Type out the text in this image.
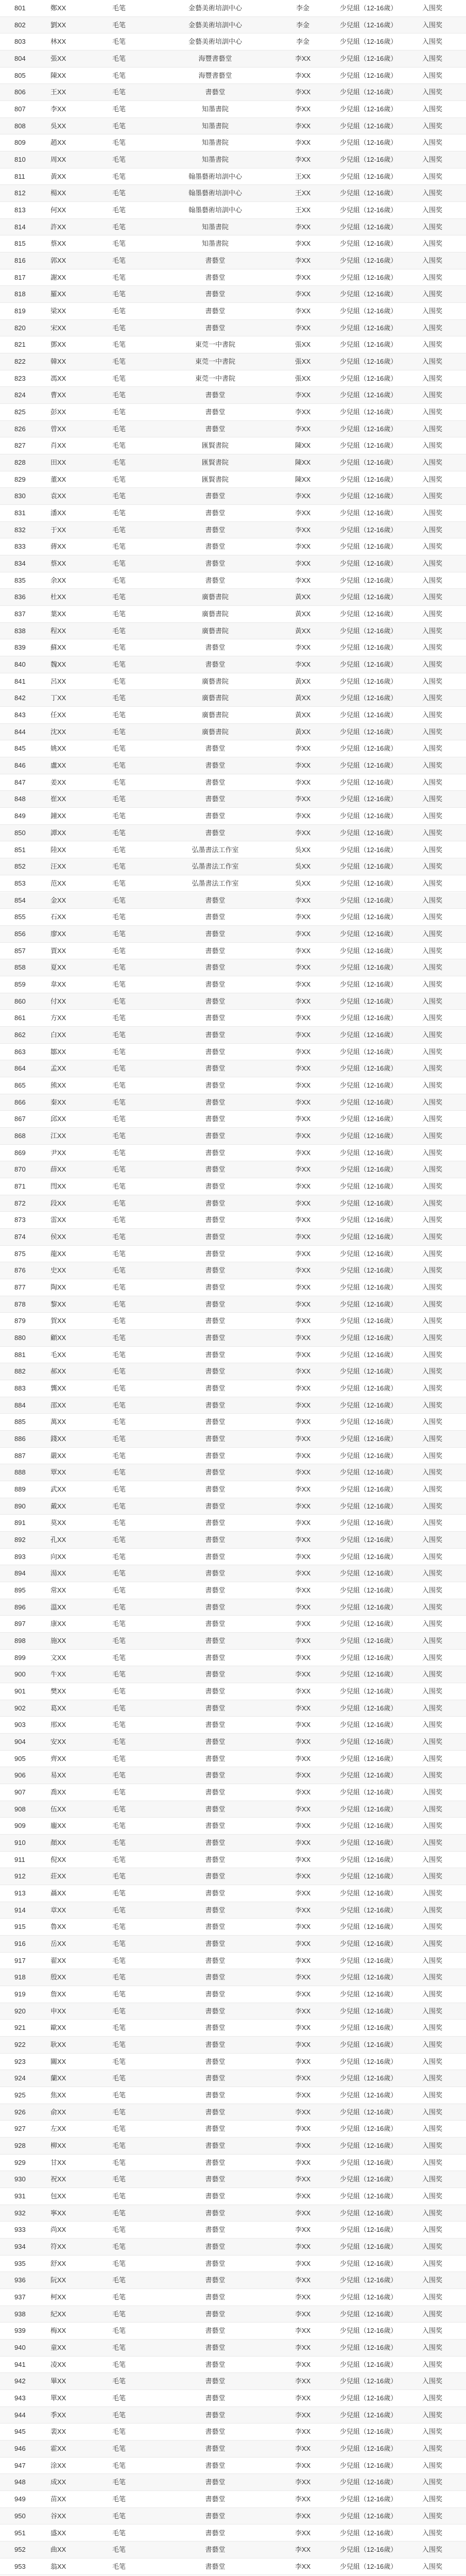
801	鄭XX	毛笔	金藝美術培訓中心	李金	少兒組（12-16歲）	入围奖
802	劉XX	毛笔	金藝美術培訓中心	李金	少兒組（12-16歲）	入围奖
803	林XX	毛笔	金藝美術培訓中心	李金	少兒組（12-16歲）	入围奖
804	張XX	毛笔	海豐書藝堂	李XX	少兒組（12-16歲）	入围奖
805	陳XX	毛笔	海豐書藝堂	李XX	少兒組（12-16歲）	入围奖
806	王XX	毛笔	書藝堂	李XX	少兒組（12-16歲）	入围奖
807	李XX	毛笔	知墨書院	李XX	少兒組（12-16歲）	入围奖
808	吳XX	毛笔	知墨書院	李XX	少兒組（12-16歲）	入围奖
809	趙XX	毛笔	知墨書院	李XX	少兒組（12-16歲）	入围奖
810	周XX	毛笔	知墨書院	李XX	少兒組（12-16歲）	入围奖
811	黃XX	毛笔	翰墨藝術培訓中心	王XX	少兒組（12-16歲）	入围奖
812	楊XX	毛笔	翰墨藝術培訓中心	王XX	少兒組（12-16歲）	入围奖
813	何XX	毛笔	翰墨藝術培訓中心	王XX	少兒組（12-16歲）	入围奖
814	許XX	毛笔	知墨書院	李XX	少兒組（12-16歲）	入围奖
815	蔡XX	毛笔	知墨書院	李XX	少兒組（12-16歲）	入围奖
816	郭XX	毛笔	書藝堂	李XX	少兒組（12-16歲）	入围奖
817	謝XX	毛笔	書藝堂	李XX	少兒組（12-16歲）	入围奖
818	羅XX	毛笔	書藝堂	李XX	少兒組（12-16歲）	入围奖
819	梁XX	毛笔	書藝堂	李XX	少兒組（12-16歲）	入围奖
820	宋XX	毛笔	書藝堂	李XX	少兒組（12-16歲）	入围奖
821	鄧XX	毛笔	東莞一中書院	張XX	少兒組（12-16歲）	入围奖
822	韓XX	毛笔	東莞一中書院	張XX	少兒組（12-16歲）	入围奖
823	馮XX	毛笔	東莞一中書院	張XX	少兒組（12-16歲）	入围奖
824	曹XX	毛笔	書藝堂	李XX	少兒組（12-16歲）	入围奖
825	彭XX	毛笔	書藝堂	李XX	少兒組（12-16歲）	入围奖
826	曾XX	毛笔	書藝堂	李XX	少兒組（12-16歲）	入围奖
827	肖XX	毛笔	匯賢書院	陳XX	少兒組（12-16歲）	入围奖
828	田XX	毛笔	匯賢書院	陳XX	少兒組（12-16歲）	入围奖
829	董XX	毛笔	匯賢書院	陳XX	少兒組（12-16歲）	入围奖
830	袁XX	毛笔	書藝堂	李XX	少兒組（12-16歲）	入围奖
831	潘XX	毛笔	書藝堂	李XX	少兒組（12-16歲）	入围奖
832	于XX	毛笔	書藝堂	李XX	少兒組（12-16歲）	入围奖
833	蔣XX	毛笔	書藝堂	李XX	少兒組（12-16歲）	入围奖
834	蔡XX	毛笔	書藝堂	李XX	少兒組（12-16歲）	入围奖
835	余XX	毛笔	書藝堂	李XX	少兒組（12-16歲）	入围奖
836	杜XX	毛笔	廣藝書院	黃XX	少兒組（12-16歲）	入围奖
837	葉XX	毛笔	廣藝書院	黃XX	少兒組（12-16歲）	入围奖
838	程XX	毛笔	廣藝書院	黃XX	少兒組（12-16歲）	入围奖
839	蘇XX	毛笔	書藝堂	李XX	少兒組（12-16歲）	入围奖
840	魏XX	毛笔	書藝堂	李XX	少兒組（12-16歲）	入围奖
841	呂XX	毛笔	廣藝書院	黃XX	少兒組（12-16歲）	入围奖
842	丁XX	毛笔	廣藝書院	黃XX	少兒組（12-16歲）	入围奖
843	任XX	毛笔	廣藝書院	黃XX	少兒組（12-16歲）	入围奖
844	沈XX	毛笔	廣藝書院	黃XX	少兒組（12-16歲）	入围奖
845	姚XX	毛笔	書藝堂	李XX	少兒組（12-16歲）	入围奖
846	盧XX	毛笔	書藝堂	李XX	少兒組（12-16歲）	入围奖
847	姜XX	毛笔	書藝堂	李XX	少兒組（12-16歲）	入围奖
848	崔XX	毛笔	書藝堂	李XX	少兒組（12-16歲）	入围奖
849	鐘XX	毛笔	書藝堂	李XX	少兒組（12-16歲）	入围奖
850	譚XX	毛笔	書藝堂	李XX	少兒組（12-16歲）	入围奖
851	陸XX	毛笔	弘墨書法工作室	吳XX	少兒組（12-16歲）	入围奖
852	汪XX	毛笔	弘墨書法工作室	吳XX	少兒組（12-16歲）	入围奖
853	范XX	毛笔	弘墨書法工作室	吳XX	少兒組（12-16歲）	入围奖
854	金XX	毛笔	書藝堂	李XX	少兒組（12-16歲）	入围奖
855	石XX	毛笔	書藝堂	李XX	少兒組（12-16歲）	入围奖
856	廖XX	毛笔	書藝堂	李XX	少兒組（12-16歲）	入围奖
857	賈XX	毛笔	書藝堂	李XX	少兒組（12-16歲）	入围奖
858	夏XX	毛笔	書藝堂	李XX	少兒組（12-16歲）	入围奖
859	韋XX	毛笔	書藝堂	李XX	少兒組（12-16歲）	入围奖
860	付XX	毛笔	書藝堂	李XX	少兒組（12-16歲）	入围奖
861	方XX	毛笔	書藝堂	李XX	少兒組（12-16歲）	入围奖
862	白XX	毛笔	書藝堂	李XX	少兒組（12-16歲）	入围奖
863	鄒XX	毛笔	書藝堂	李XX	少兒組（12-16歲）	入围奖
864	孟XX	毛笔	書藝堂	李XX	少兒組（12-16歲）	入围奖
865	熊XX	毛笔	書藝堂	李XX	少兒組（12-16歲）	入围奖
866	秦XX	毛笔	書藝堂	李XX	少兒組（12-16歲）	入围奖
867	邱XX	毛笔	書藝堂	李XX	少兒組（12-16歲）	入围奖
868	江XX	毛笔	書藝堂	李XX	少兒組（12-16歲）	入围奖
869	尹XX	毛笔	書藝堂	李XX	少兒組（12-16歲）	入围奖
870	薛XX	毛笔	書藝堂	李XX	少兒組（12-16歲）	入围奖
871	閆XX	毛笔	書藝堂	李XX	少兒組（12-16歲）	入围奖
872	段XX	毛笔	書藝堂	李XX	少兒組（12-16歲）	入围奖
873	雷XX	毛笔	書藝堂	李XX	少兒組（12-16歲）	入围奖
874	侯XX	毛笔	書藝堂	李XX	少兒組（12-16歲）	入围奖
875	龍XX	毛笔	書藝堂	李XX	少兒組（12-16歲）	入围奖
876	史XX	毛笔	書藝堂	李XX	少兒組（12-16歲）	入围奖
877	陶XX	毛笔	書藝堂	李XX	少兒組（12-16歲）	入围奖
878	黎XX	毛笔	書藝堂	李XX	少兒組（12-16歲）	入围奖
879	賀XX	毛笔	書藝堂	李XX	少兒組（12-16歲）	入围奖
880	顧XX	毛笔	書藝堂	李XX	少兒組（12-16歲）	入围奖
881	毛XX	毛笔	書藝堂	李XX	少兒組（12-16歲）	入围奖
882	郝XX	毛笔	書藝堂	李XX	少兒組（12-16歲）	入围奖
883	龔XX	毛笔	書藝堂	李XX	少兒組（12-16歲）	入围奖
884	邵XX	毛笔	書藝堂	李XX	少兒組（12-16歲）	入围奖
885	萬XX	毛笔	書藝堂	李XX	少兒組（12-16歲）	入围奖
886	錢XX	毛笔	書藝堂	李XX	少兒組（12-16歲）	入围奖
887	嚴XX	毛笔	書藝堂	李XX	少兒組（12-16歲）	入围奖
888	覃XX	毛笔	書藝堂	李XX	少兒組（12-16歲）	入围奖
889	武XX	毛笔	書藝堂	李XX	少兒組（12-16歲）	入围奖
890	戴XX	毛笔	書藝堂	李XX	少兒組（12-16歲）	入围奖
891	莫XX	毛笔	書藝堂	李XX	少兒組（12-16歲）	入围奖
892	孔XX	毛笔	書藝堂	李XX	少兒組（12-16歲）	入围奖
893	向XX	毛笔	書藝堂	李XX	少兒組（12-16歲）	入围奖
894	湯XX	毛笔	書藝堂	李XX	少兒組（12-16歲）	入围奖
895	常XX	毛笔	書藝堂	李XX	少兒組（12-16歲）	入围奖
896	溫XX	毛笔	書藝堂	李XX	少兒組（12-16歲）	入围奖
897	康XX	毛笔	書藝堂	李XX	少兒組（12-16歲）	入围奖
898	施XX	毛笔	書藝堂	李XX	少兒組（12-16歲）	入围奖
899	文XX	毛笔	書藝堂	李XX	少兒組（12-16歲）	入围奖
900	牛XX	毛笔	書藝堂	李XX	少兒組（12-16歲）	入围奖
901	樊XX	毛笔	書藝堂	李XX	少兒組（12-16歲）	入围奖
902	葛XX	毛笔	書藝堂	李XX	少兒組（12-16歲）	入围奖
903	邢XX	毛笔	書藝堂	李XX	少兒組（12-16歲）	入围奖
904	安XX	毛笔	書藝堂	李XX	少兒組（12-16歲）	入围奖
905	齊XX	毛笔	書藝堂	李XX	少兒組（12-16歲）	入围奖
906	易XX	毛笔	書藝堂	李XX	少兒組（12-16歲）	入围奖
907	喬XX	毛笔	書藝堂	李XX	少兒組（12-16歲）	入围奖
908	伍XX	毛笔	書藝堂	李XX	少兒組（12-16歲）	入围奖
909	龐XX	毛笔	書藝堂	李XX	少兒組（12-16歲）	入围奖
910	顏XX	毛笔	書藝堂	李XX	少兒組（12-16歲）	入围奖
911	倪XX	毛笔	書藝堂	李XX	少兒組（12-16歲）	入围奖
912	莊XX	毛笔	書藝堂	李XX	少兒組（12-16歲）	入围奖
913	聶XX	毛笔	書藝堂	李XX	少兒組（12-16歲）	入围奖
914	章XX	毛笔	書藝堂	李XX	少兒組（12-16歲）	入围奖
915	魯XX	毛笔	書藝堂	李XX	少兒組（12-16歲）	入围奖
916	岳XX	毛笔	書藝堂	李XX	少兒組（12-16歲）	入围奖
917	翟XX	毛笔	書藝堂	李XX	少兒組（12-16歲）	入围奖
918	殷XX	毛笔	書藝堂	李XX	少兒組（12-16歲）	入围奖
919	詹XX	毛笔	書藝堂	李XX	少兒組（12-16歲）	入围奖
920	申XX	毛笔	書藝堂	李XX	少兒組（12-16歲）	入围奖
921	歐XX	毛笔	書藝堂	李XX	少兒組（12-16歲）	入围奖
922	耿XX	毛笔	書藝堂	李XX	少兒組（12-16歲）	入围奖
923	關XX	毛笔	書藝堂	李XX	少兒組（12-16歲）	入围奖
924	蘭XX	毛笔	書藝堂	李XX	少兒組（12-16歲）	入围奖
925	焦XX	毛笔	書藝堂	李XX	少兒組（12-16歲）	入围奖
926	俞XX	毛笔	書藝堂	李XX	少兒組（12-16歲）	入围奖
927	左XX	毛笔	書藝堂	李XX	少兒組（12-16歲）	入围奖
928	柳XX	毛笔	書藝堂	李XX	少兒組（12-16歲）	入围奖
929	甘XX	毛笔	書藝堂	李XX	少兒組（12-16歲）	入围奖
930	祝XX	毛笔	書藝堂	李XX	少兒組（12-16歲）	入围奖
931	包XX	毛笔	書藝堂	李XX	少兒組（12-16歲）	入围奖
932	寧XX	毛笔	書藝堂	李XX	少兒組（12-16歲）	入围奖
933	尚XX	毛笔	書藝堂	李XX	少兒組（12-16歲）	入围奖
934	符XX	毛笔	書藝堂	李XX	少兒組（12-16歲）	入围奖
935	舒XX	毛笔	書藝堂	李XX	少兒組（12-16歲）	入围奖
936	阮XX	毛笔	書藝堂	李XX	少兒組（12-16歲）	入围奖
937	柯XX	毛笔	書藝堂	李XX	少兒組（12-16歲）	入围奖
938	紀XX	毛笔	書藝堂	李XX	少兒組（12-16歲）	入围奖
939	梅XX	毛笔	書藝堂	李XX	少兒組（12-16歲）	入围奖
940	童XX	毛笔	書藝堂	李XX	少兒組（12-16歲）	入围奖
941	凌XX	毛笔	書藝堂	李XX	少兒組（12-16歲）	入围奖
942	畢XX	毛笔	書藝堂	李XX	少兒組（12-16歲）	入围奖
943	單XX	毛笔	書藝堂	李XX	少兒組（12-16歲）	入围奖
944	季XX	毛笔	書藝堂	李XX	少兒組（12-16歲）	入围奖
945	裴XX	毛笔	書藝堂	李XX	少兒組（12-16歲）	入围奖
946	霍XX	毛笔	書藝堂	李XX	少兒組（12-16歲）	入围奖
947	涂XX	毛笔	書藝堂	李XX	少兒組（12-16歲）	入围奖
948	成XX	毛笔	書藝堂	李XX	少兒組（12-16歲）	入围奖
949	苗XX	毛笔	書藝堂	李XX	少兒組（12-16歲）	入围奖
950	谷XX	毛笔	書藝堂	李XX	少兒組（12-16歲）	入围奖
951	盛XX	毛笔	書藝堂	李XX	少兒組（12-16歲）	入围奖
952	曲XX	毛笔	書藝堂	李XX	少兒組（12-16歲）	入围奖
953	翁XX	毛笔	書藝堂	李XX	少兒組（12-16歲）	入围奖
